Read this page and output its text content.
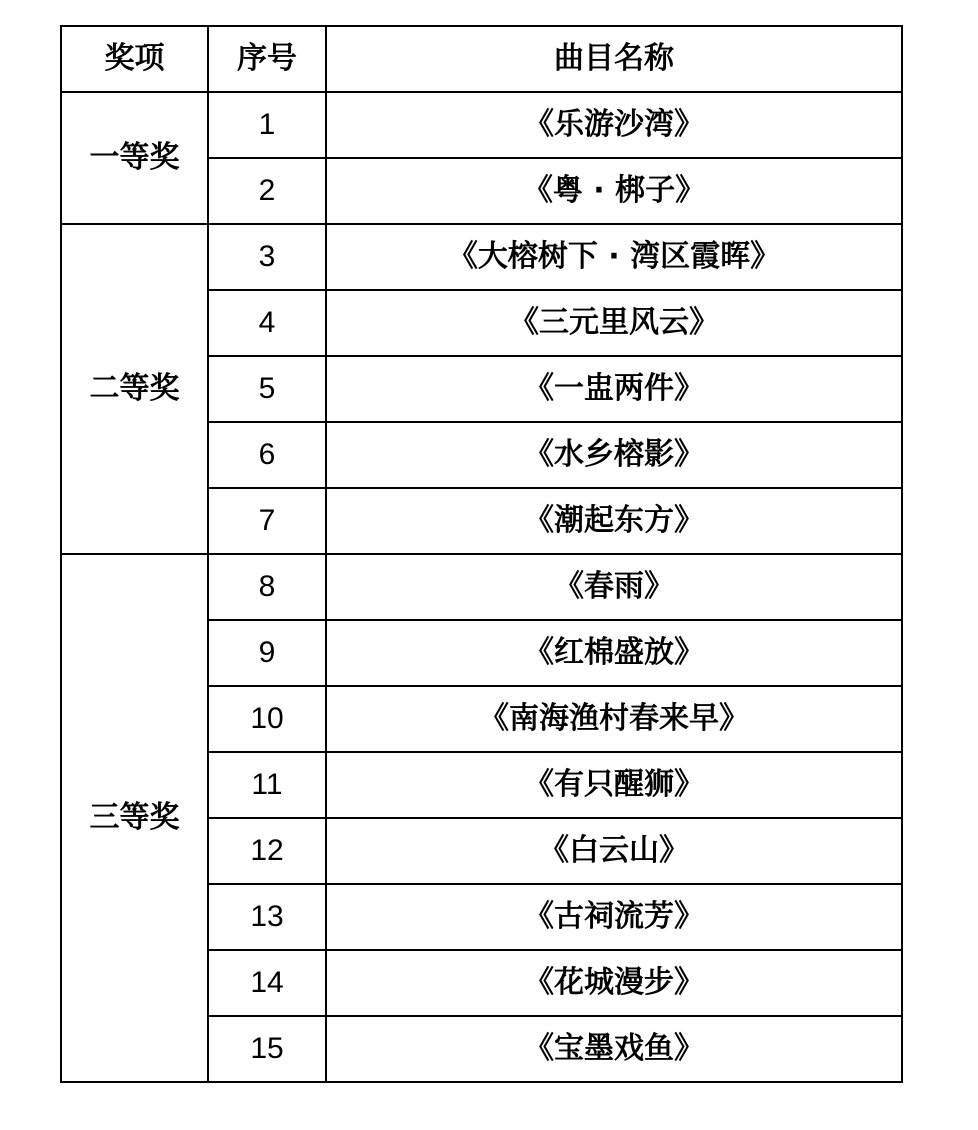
奖项	序号	曲目名称
一等奖	1	《乐游沙湾》
	2	《粤 · 梆子》
二等奖	3	《大榕树下 · 湾区霞晖》
	4	《三元里风云》
	5	《一盅两件》
	6	《水乡榕影》
	7	《潮起东方》
三等奖	8	《春雨》
	9	《红棉盛放》
	10	《南海渔村春来早》
	11	《有只醒狮》
	12	《白云山》
	13	《古祠流芳》
	14	《花城漫步》
	15	《宝墨戏鱼》
